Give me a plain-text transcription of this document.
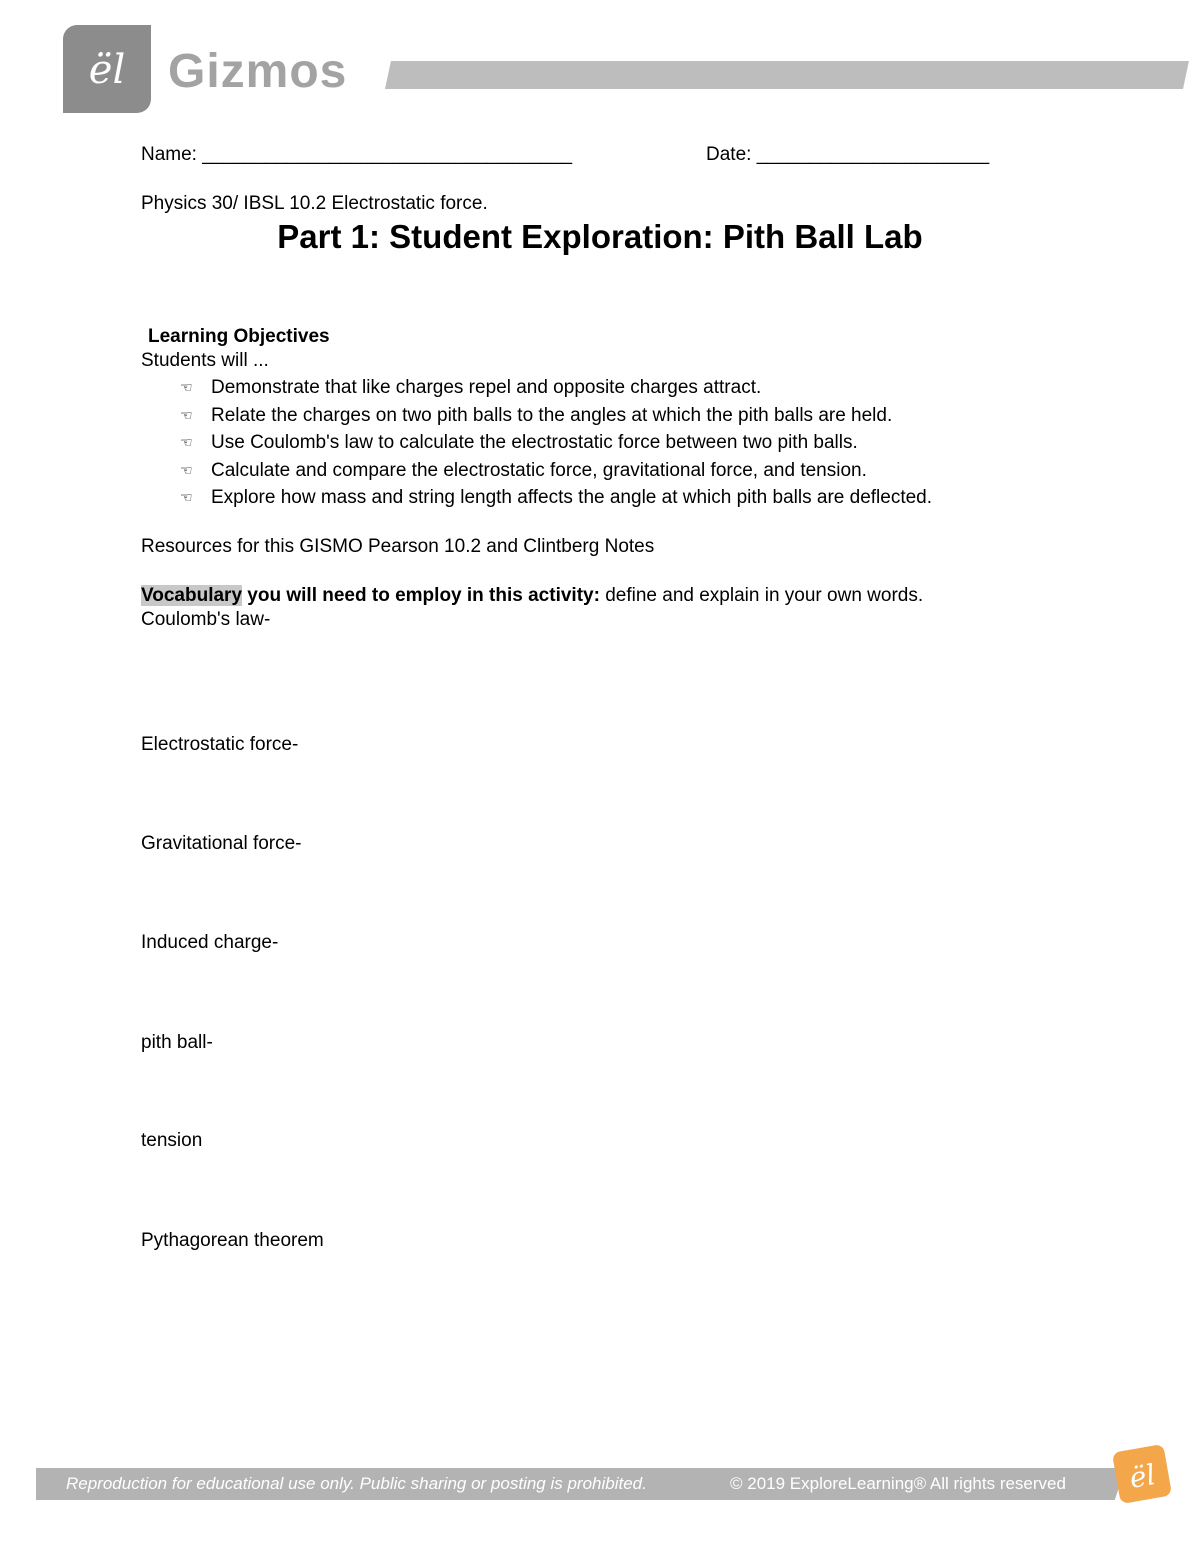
ël Gizmos
Name: ___________________________________	Date: ______________________
Physics 30/ IBSL 10.2 Electrostatic force.
Part 1: Student Exploration: Pith Ball Lab
Learning Objectives
Students will ...
☜ Demonstrate that like charges repel and opposite charges attract.
☜ Relate the charges on two pith balls to the angles at which the pith balls are held.
☜ Use Coulomb's law to calculate the electrostatic force between two pith balls.
☜ Calculate and compare the electrostatic force, gravitational force, and tension.
☜ Explore how mass and string length affects the angle at which pith balls are deflected.
Resources for this GISMO Pearson 10.2 and Clintberg Notes
Vocabulary you will need to employ in this activity: define and explain in your own words.
Coulomb's law-
Electrostatic force-
Gravitational force-
Induced charge-
pith ball-
tension
Pythagorean theorem
Reproduction for educational use only. Public sharing or posting is prohibited.	© 2019 ExploreLearning® All rights reserved ël
